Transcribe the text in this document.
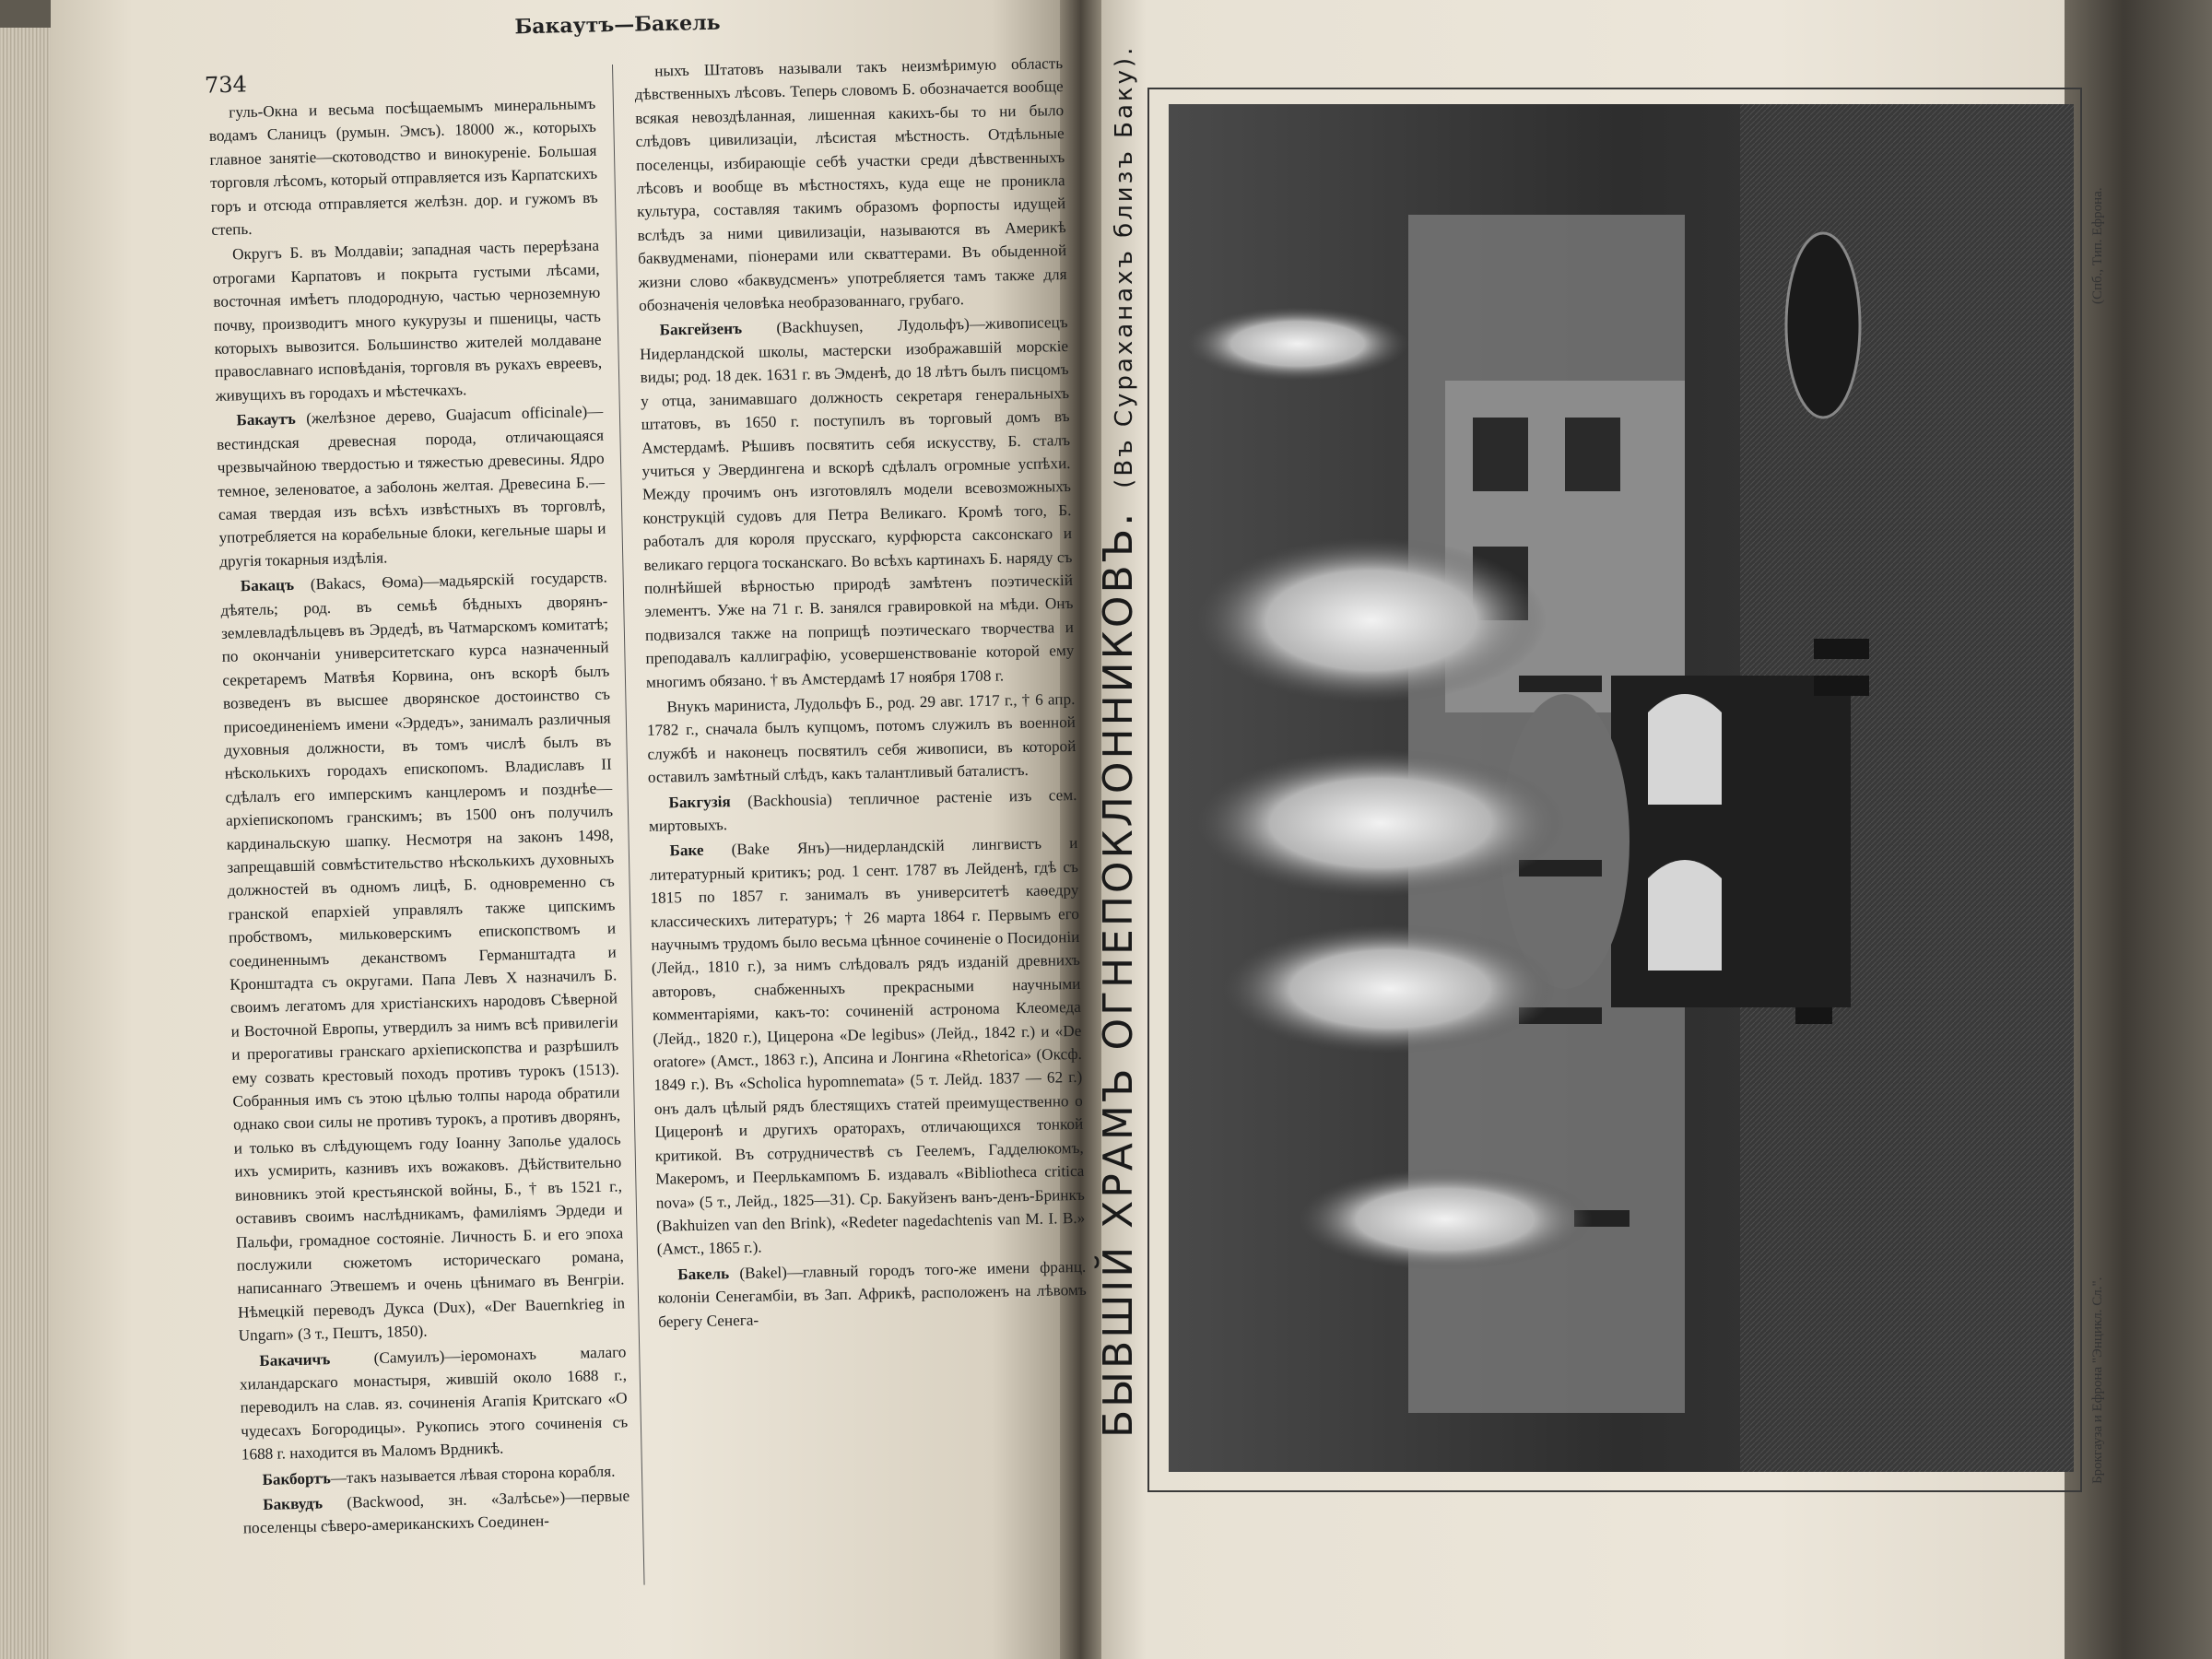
Бакаутъ—Бакель
734

гуль-Окна и весьма посѣщаемымъ минеральнымъ водамъ Сланицъ (румын. Эмсъ). 18000 ж., которыхъ главное занятіе—скотоводство и винокуреніе. Большая торговля лѣсомъ, который отправляется изъ Карпатскихъ горъ и отсюда отправляется желѣзн. дор. и гужомъ въ степь.

Округъ Б. въ Молдавіи; западная часть перерѣзана отрогами Карпатовъ и покрыта густыми лѣсами, восточная имѣетъ плодородную, частью черноземную почву, производитъ много кукурузы и пшеницы, часть которыхъ вывозится. Большинство жителей молдаване православнаго исповѣданія, торговля въ рукахъ евреевъ, живущихъ въ городахъ и мѣстечкахъ.

Бакаутъ (желѣзное дерево, Guajacum officinale)—вестиндская древесная порода, отличающаяся чрезвычайною твердостью и тяжестью древесины. Ядро темное, зеленоватое, а заболонь желтая. Древесина Б.—самая твердая изъ всѣхъ извѣстныхъ въ торговлѣ, употребляется на корабельные блоки, кегельные шары и другія токарныя издѣлія.

Бакацъ (Bakacs, Ѳома)—мадьярскій государств. дѣятель; род. въ семьѣ бѣдныхъ дворянъ-землевладѣльцевъ въ Эрдедѣ, въ Чатмарскомъ комитатѣ; по окончаніи университетскаго курса назначенный секретаремъ Матвѣя Корвина, онъ вскорѣ былъ возведенъ въ высшее дворянское достоинство съ присоединеніемъ имени «Эрдедъ», занималъ различныя духовныя должности, въ томъ числѣ былъ въ нѣсколькихъ городахъ епископомъ. Владиславъ II сдѣлалъ его имперскимъ канцлеромъ и позднѣе—архіепископомъ гранскимъ; въ 1500 онъ получилъ кардинальскую шапку. Несмотря на законъ 1498, запрещавшій совмѣстительство нѣсколькихъ духовныхъ должностей въ одномъ лицѣ, Б. одновременно съ гранской епархіей управлялъ также ципскимъ пробствомъ, мильковерскимъ епископствомъ и соединеннымъ деканствомъ Германштадта и Кронштадта съ округами. Папа Левъ X назначилъ Б. своимъ легатомъ для христіанскихъ народовъ Сѣверной и Восточной Европы, утвердилъ за нимъ всѣ привилегіи и прерогативы гранскаго архіепископства и разрѣшилъ ему созвать крестовый походъ противъ турокъ (1513). Собранныя имъ съ этою цѣлью толпы народа обратили однако свои силы не противъ турокъ, а противъ дворянъ, и только въ слѣдующемъ году Іоанну Заполье удалось ихъ усмирить, казнивъ ихъ вожаковъ. Дѣйствительно виновникъ этой крестьянской войны, Б., † въ 1521 г., оставивъ своимъ наслѣдникамъ, фамиліямъ Эрдеди и Пальфи, громадное состояніе. Личность Б. и его эпоха послужили сюжетомъ историческаго романа, написаннаго Этвешемъ и очень цѣнимаго въ Венгріи. Нѣмецкій переводъ Дукса (Dux), «Der Bauernkrieg in Ungarn» (3 т., Пештъ, 1850).

Бакачичъ (Самуилъ)—іеромонахъ малаго хиландарскаго монастыря, жившій около 1688 г., переводилъ на слав. яз. сочиненія Агапія Критскаго «О чудесахъ Богородицы». Рукопись этого сочиненія съ 1688 г. находится въ Маломъ Врдникѣ.

Бакбортъ—такъ называется лѣвая сторона корабля.

Баквудъ (Backwood, зн. «Залѣсье»)—первые поселенцы сѣверо-американскихъ Соединен-

ныхъ Штатовъ называли такъ неизмѣримую область дѣвственныхъ лѣсовъ. Теперь словомъ Б. обозначается вообще всякая невоздѣланная, лишенная какихъ-бы то ни было слѣдовъ цивилизаціи, лѣсистая мѣстность. Отдѣльные поселенцы, избирающіе себѣ участки среди дѣвственныхъ лѣсовъ и вообще въ мѣстностяхъ, куда еще не проникла культура, составляя такимъ образомъ форпосты идущей вслѣдъ за ними цивилизаціи, называются въ Америкѣ баквудменами, піонерами или скваттерами. Въ обыденной жизни слово «баквудсменъ» употребляется тамъ также для обозначенія человѣка необразованнаго, грубаго.

Бакгейзенъ (Backhuysen, Лудольфъ)—живописецъ Нидерландской школы, мастерски изображавшій морскіе виды; род. 18 дек. 1631 г. въ Эмденѣ, до 18 лѣтъ былъ писцомъ у отца, занимавшаго должность секретаря генеральныхъ штатовъ, въ 1650 г. поступилъ въ торговый домъ въ Амстердамѣ. Рѣшивъ посвятить себя искусству, Б. сталъ учиться у Эвердингена и вскорѣ сдѣлалъ огромные успѣхи. Между прочимъ онъ изготовлялъ модели всевозможныхъ конструкцій судовъ для Петра Великаго. Кромѣ того, Б. работалъ для короля прусскаго, курфюрста саксонскаго и великаго герцога тосканскаго. Во всѣхъ картинахъ Б. наряду съ полнѣйшей вѣрностью природѣ замѣтенъ поэтическій элементъ. Уже на 71 г. В. занялся гравировкой на мѣди. Онъ подвизался также на поприщѣ поэтическаго творчества и преподавалъ каллиграфію, усовершенствованіе которой ему многимъ обязано. † въ Амстердамѣ 17 ноября 1708 г.

Внукъ мариниста, Лудольфъ Б., род. 29 авг. 1717 г., † 6 апр. 1782 г., сначала былъ купцомъ, потомъ служилъ въ военной службѣ и наконецъ посвятилъ себя живописи, въ которой оставилъ замѣтный слѣдъ, какъ талантливый баталистъ.

Бакгузія (Backhousia) тепличное растеніе изъ сем. миртовыхъ.

Баке (Bake Янъ)—нидерландскій лингвистъ и литературный критикъ; род. 1 сент. 1787 въ Лейденѣ, гдѣ съ 1815 по 1857 г. занималъ въ университетѣ каѳедру классическихъ литературъ; † 26 марта 1864 г. Первымъ его научнымъ трудомъ было весьма цѣнное сочиненіе о Посидоніи (Лейд., 1810 г.), за нимъ слѣдовалъ рядъ изданій древнихъ авторовъ, снабженныхъ прекрасными научными комментаріями, какъ-то: сочиненій астронома Клеомеда (Лейд., 1820 г.), Цицерона «De legibus» (Лейд., 1842 г.) и «De oratore» (Амст., 1863 г.), Апсина и Лонгина «Rhetorica» (Оксф. 1849 г.). Въ «Scholica hypomnemata» (5 т. Лейд. 1837 — 62 г.) онъ далъ цѣлый рядъ блестящихъ статей преимущественно о Цицеронѣ и другихъ ораторахъ, отличающихся тонкой критикой. Въ сотрудничествѣ съ Геелемъ, Гадделюкомъ, Макеромъ, и Пеерлькампомъ Б. издавалъ «Bibliotheca critica nova» (5 т., Лейд., 1825—31). Ср. Бакуйзенъ ванъ-денъ-Бринкъ (Bakhuizen van den Brink), «Redeter nagedachtenis van M. I. B.» (Амст., 1865 г.).

Бакель (Bakel)—главный городъ того-же имени франц. колоніи Сенегамбіи, въ Зап. Африкѣ, расположенъ на лѣвомъ берегу Сенега-	БЫВШІЙ ХРАМЪ ОГНЕПОКЛОННИКОВЪ.(Въ Сураханахъ близъ Баку).
Брокгауза и Ефрона "Энцикл. Сл.".
(Спб., Тип. Ефрона.
